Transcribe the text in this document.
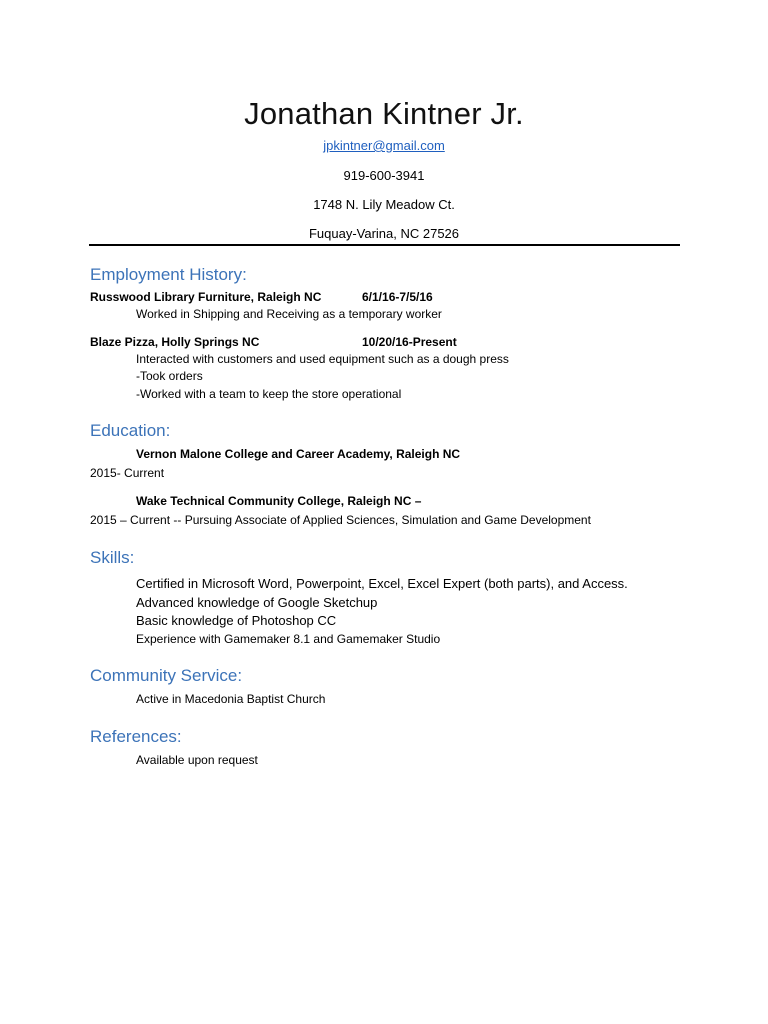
Jonathan Kintner Jr.
jpkintner@gmail.com
919-600-3941
1748 N. Lily Meadow Ct.
Fuquay-Varina, NC 27526
Employment History:
Russwood Library Furniture, Raleigh NC	6/1/16-7/5/16
Worked in Shipping and Receiving as a temporary worker
Blaze Pizza, Holly Springs NC	10/20/16-Present
Interacted with customers and used equipment such as a dough press
-Took orders
-Worked with a team to keep the store operational
Education:
Vernon Malone College and Career Academy, Raleigh NC
2015- Current
Wake Technical Community College, Raleigh NC –
2015 – Current -- Pursuing Associate of Applied Sciences, Simulation and Game Development
Skills:
Certified in Microsoft Word, Powerpoint, Excel, Excel Expert (both parts), and Access.
Advanced knowledge of Google Sketchup
Basic knowledge of Photoshop CC
Experience with Gamemaker 8.1 and Gamemaker Studio
Community Service:
Active in Macedonia Baptist Church
References:
Available upon request
